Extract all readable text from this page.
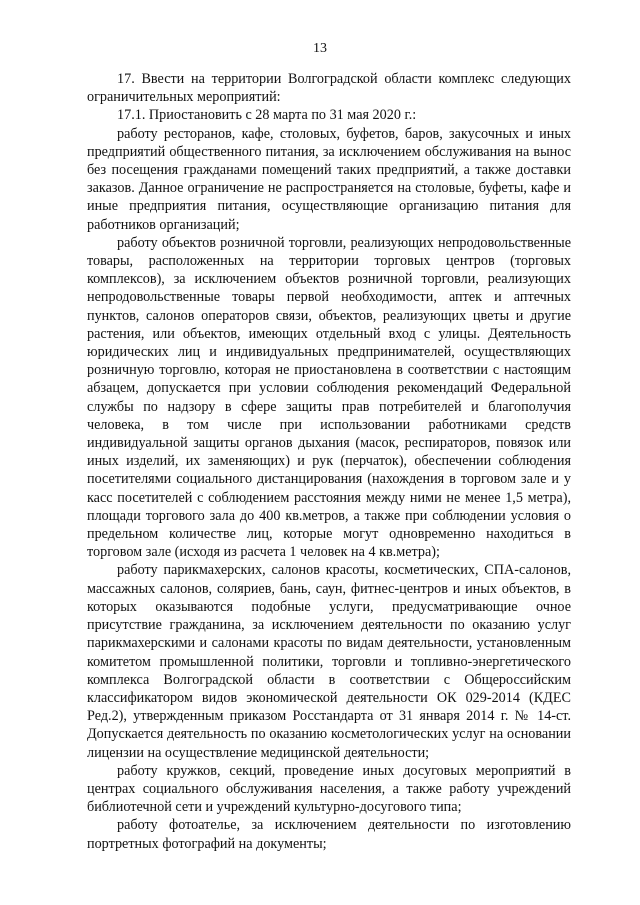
13

17. Ввести на территории Волгоградской области комплекс следующих ограничительных мероприятий:

17.1. Приостановить с 28 марта по 31 мая 2020 г.:

работу ресторанов, кафе, столовых, буфетов, баров, закусочных и иных предприятий общественного питания, за исключением обслуживания на вынос без посещения гражданами помещений таких предприятий, а также доставки заказов. Данное ограничение не распространяется на столовые, буфеты, кафе и иные предприятия питания, осуществляющие организацию питания для работников организаций;

работу объектов розничной торговли, реализующих непродовольственные товары, расположенных на территории торговых центров (торговых комплексов), за исключением объектов розничной торговли, реализующих непродовольственные товары первой необходимости, аптек и аптечных пунктов, салонов операторов связи, объектов, реализующих цветы и другие растения, или объектов, имеющих отдельный вход с улицы. Деятельность юридических лиц и индивидуальных предпринимателей, осуществляющих розничную торговлю, которая не приостановлена в соответствии с настоящим абзацем, допускается при условии соблюдения рекомендаций Федеральной службы по надзору в сфере защиты прав потребителей и благополучия человека, в том числе при использовании работниками средств индивидуальной защиты органов дыхания (масок, респираторов, повязок или иных изделий, их заменяющих) и рук (перчаток), обеспечении соблюдения посетителями социального дистанцирования (нахождения в торговом зале и у касс посетителей с соблюдением расстояния между ними не менее 1,5 метра), площади торгового зала до 400 кв.метров, а также при соблюдении условия о предельном количестве лиц, которые могут одновременно находиться в торговом зале (исходя из расчета 1 человек на 4 кв.метра);

работу парикмахерских, салонов красоты, косметических, СПА-салонов, массажных салонов, соляриев, бань, саун, фитнес-центров и иных объектов, в которых оказываются подобные услуги, предусматривающие очное присутствие гражданина, за исключением деятельности по оказанию услуг парикмахерскими и салонами красоты по видам деятельности, установленным комитетом промышленной политики, торговли и топливно-энергетического комплекса Волгоградской области в соответствии с Общероссийским классификатором видов экономической деятельности ОК 029-2014 (КДЕС Ред.2), утвержденным приказом Росстандарта от 31 января 2014 г. № 14-ст. Допускается деятельность по оказанию косметологических услуг на основании лицензии на осуществление медицинской деятельности;

работу кружков, секций, проведение иных досуговых мероприятий в центрах социального обслуживания населения, а также работу учреждений библиотечной сети и учреждений культурно-досугового типа;

работу фотоателье, за исключением деятельности по изготовлению портретных фотографий на документы;
